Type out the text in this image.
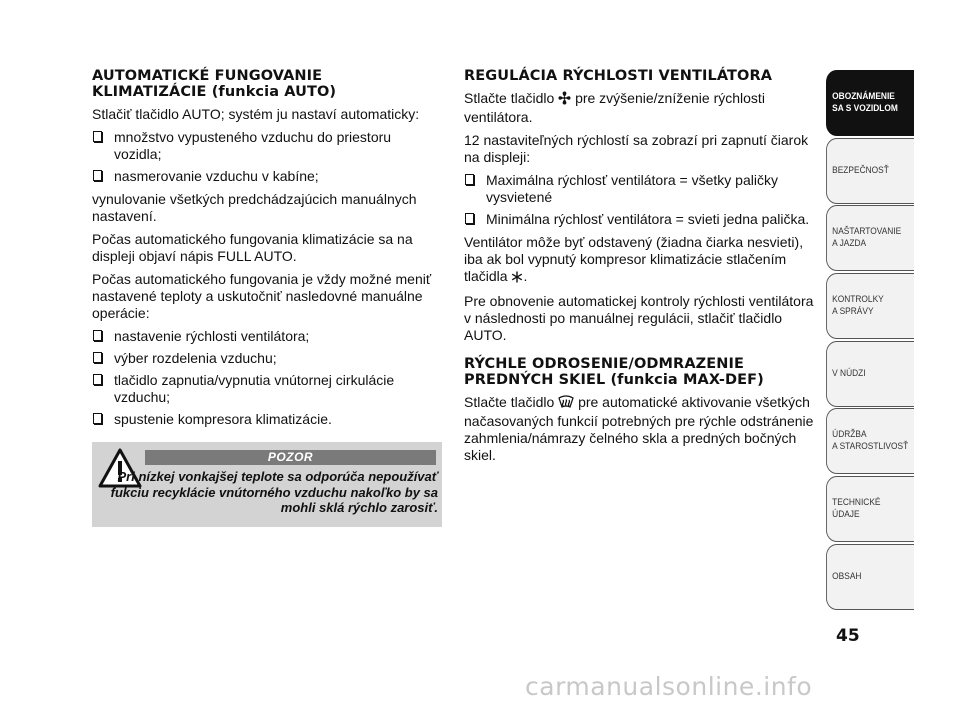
AUTOMATICKÉ FUNGOVANIE
KLIMATIZÁCIE (funkcia AUTO)

Stlačiť tlačidlo AUTO; systém ju nastaví automaticky:

množstvo vypusteného vzduchu do priestoru vozidla;
nasmerovanie vzduchu v kabíne;

vynulovanie všetkých predchádzajúcich manuálnych nastavení.

Počas automatického fungovania klimatizácie sa na displeji objaví nápis FULL AUTO.

Počas automatického fungovania je vždy možné meniť nastavené teploty a uskutočniť nasledovné manuálne operácie:

nastavenie rýchlosti ventilátora;
výber rozdelenia vzduchu;
tlačidlo zapnutia/vypnutia vnútornej cirkulácie vzduchu;
spustenie kompresora klimatizácie.
POZOR
Pri nízkej vonkajšej teplote sa odporúča nepoužívať fukciu recyklácie vnútorného vzduchu nakoľko by sa mohli sklá rýchlo zarosiť.
REGULÁCIA RÝCHLOSTI VENTILÁTORA

Stlačte tlačidlo pre zvýšenie/zníženie rýchlosti ventilátora.

12 nastaviteľných rýchlostí sa zobrazí pri zapnutí čiarok na displeji:

Maximálna rýchlosť ventilátora = všetky paličky vysvietené
Minimálna rýchlosť ventilátora = svieti jedna palička.

Ventilátor môže byť odstavený (žiadna čiarka nesvieti), iba ak bol vypnutý kompresor klimatizácie stlačením tlačidla .

Pre obnovenie automatickej kontroly rýchlosti ventilátora v následnosti po manuálnej regulácii, stlačiť tlačidlo AUTO.

RÝCHLE ODROSENIE/ODMRAZENIE
PREDNÝCH SKIEL (funkcia MAX-DEF)

Stlačte tlačidlo pre automatické aktivovanie všetkých načasovaných funkcií potrebných pre rýchle odstránenie zahmlenia/námrazy čelného skla a predných bočných skiel.

OBOZNÁMENIE
SA S VOZIDLOM
BEZPEČNOSŤ
NAŠTARTOVANIE
A JAZDA
KONTROLKY
A SPRÁVY
V NÚDZI
ÚDRŽBA
A STAROSTLIVOSŤ
TECHNICKÉ
ÚDAJE
OBSAH
45
carmanualsonline.info
